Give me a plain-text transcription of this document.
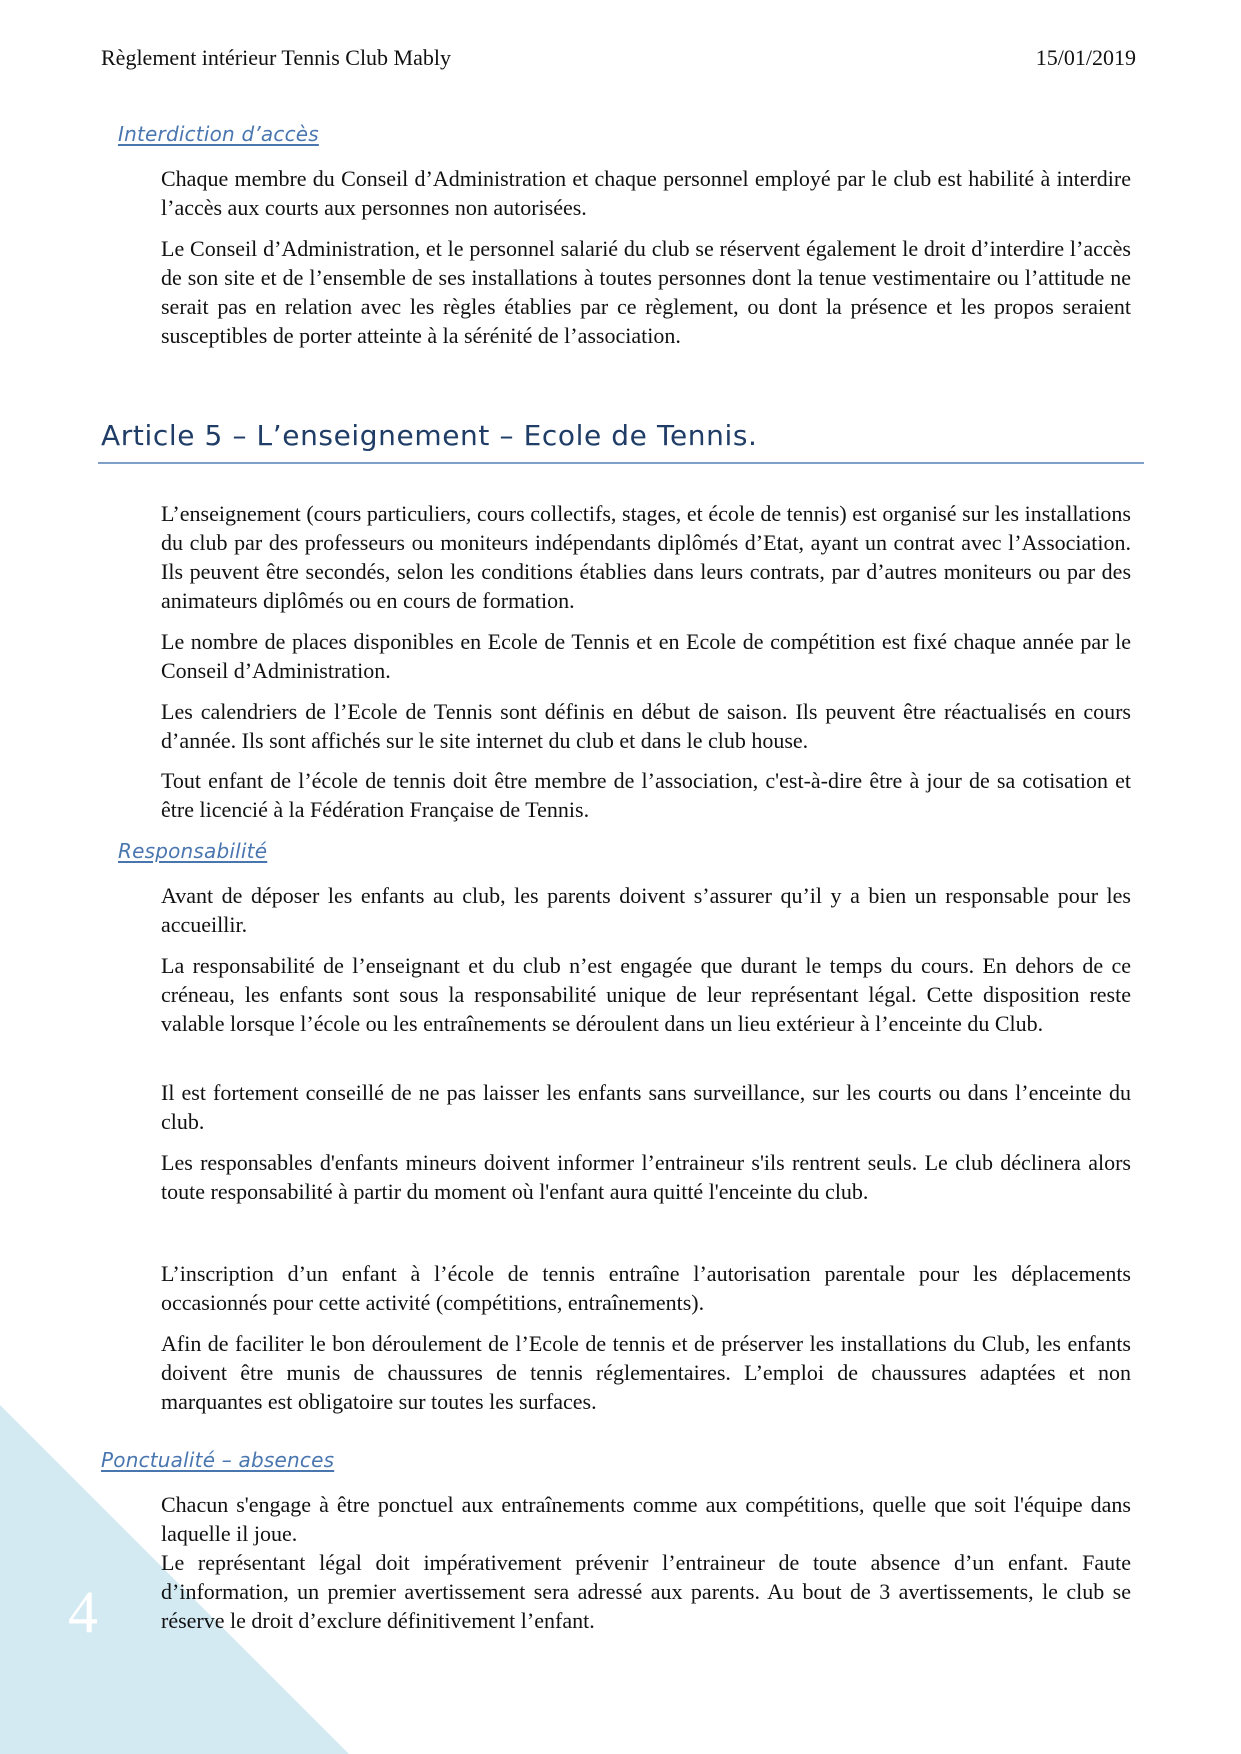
4
Règlement intérieur Tennis Club Mably	15/01/2019
Interdiction d’accès

Chaque membre du Conseil d’Administration et chaque personnel employé par le club est habilité à interdire l’accès aux courts aux personnes non autorisées.

Le Conseil d’Administration, et le personnel salarié du club se réservent également le droit d’interdire l’accès de son site et de l’ensemble de ses installations à toutes personnes dont la tenue vestimentaire ou l’attitude ne serait pas en relation avec les règles établies par ce règlement, ou dont la présence et les propos seraient susceptibles de porter atteinte à la sérénité de l’association.

Article 5 – L’enseignement – Ecole de Tennis.

L’enseignement (cours particuliers, cours collectifs, stages, et école de tennis) est organisé sur les installations du club par des professeurs ou moniteurs indépendants diplômés d’Etat, ayant un contrat avec l’Association. Ils peuvent être secondés, selon les conditions établies dans leurs contrats, par d’autres moniteurs ou par des animateurs diplômés ou en cours de formation.

Le nombre de places disponibles en Ecole de Tennis et en Ecole de compétition est fixé chaque année par le Conseil d’Administration.

Les calendriers de l’Ecole de Tennis sont définis en début de saison. Ils peuvent être réactualisés en cours d’année. Ils sont affichés sur le site internet du club et dans le club house.

Tout enfant de l’école de tennis doit être membre de l’association, c'est-à-dire être à jour de sa cotisation et être licencié à la Fédération Française de Tennis.

Responsabilité

Avant de déposer les enfants au club, les parents doivent s’assurer qu’il y a bien un responsable pour les accueillir.

La responsabilité de l’enseignant et du club n’est engagée que durant le temps du cours. En dehors de ce créneau, les enfants sont sous la responsabilité unique de leur représentant légal. Cette disposition reste valable lorsque l’école ou les entraînements se déroulent dans un lieu extérieur à l’enceinte du Club.

Il est fortement conseillé de ne pas laisser les enfants sans surveillance, sur les courts ou dans l’enceinte du club.

Les responsables d'enfants mineurs doivent informer l’entraineur s'ils rentrent seuls. Le club déclinera alors toute responsabilité à partir du moment où l'enfant aura quitté l'enceinte du club.

L’inscription d’un enfant à l’école de tennis entraîne l’autorisation parentale pour les déplacements occasionnés pour cette activité (compétitions, entraînements).

Afin de faciliter le bon déroulement de l’Ecole de tennis et de préserver les installations du Club, les enfants doivent être munis de chaussures de tennis réglementaires. L’emploi de chaussures adaptées et non marquantes est obligatoire sur toutes les surfaces.

Ponctualité – absences

Chacun s'engage à être ponctuel aux entraînements comme aux compétitions, quelle que soit l'équipe dans laquelle il joue.

Le représentant légal doit impérativement prévenir l’entraineur de toute absence d’un enfant. Faute d’information, un premier avertissement sera adressé aux parents. Au bout de 3 avertissements, le club se réserve le droit d’exclure définitivement l’enfant.
